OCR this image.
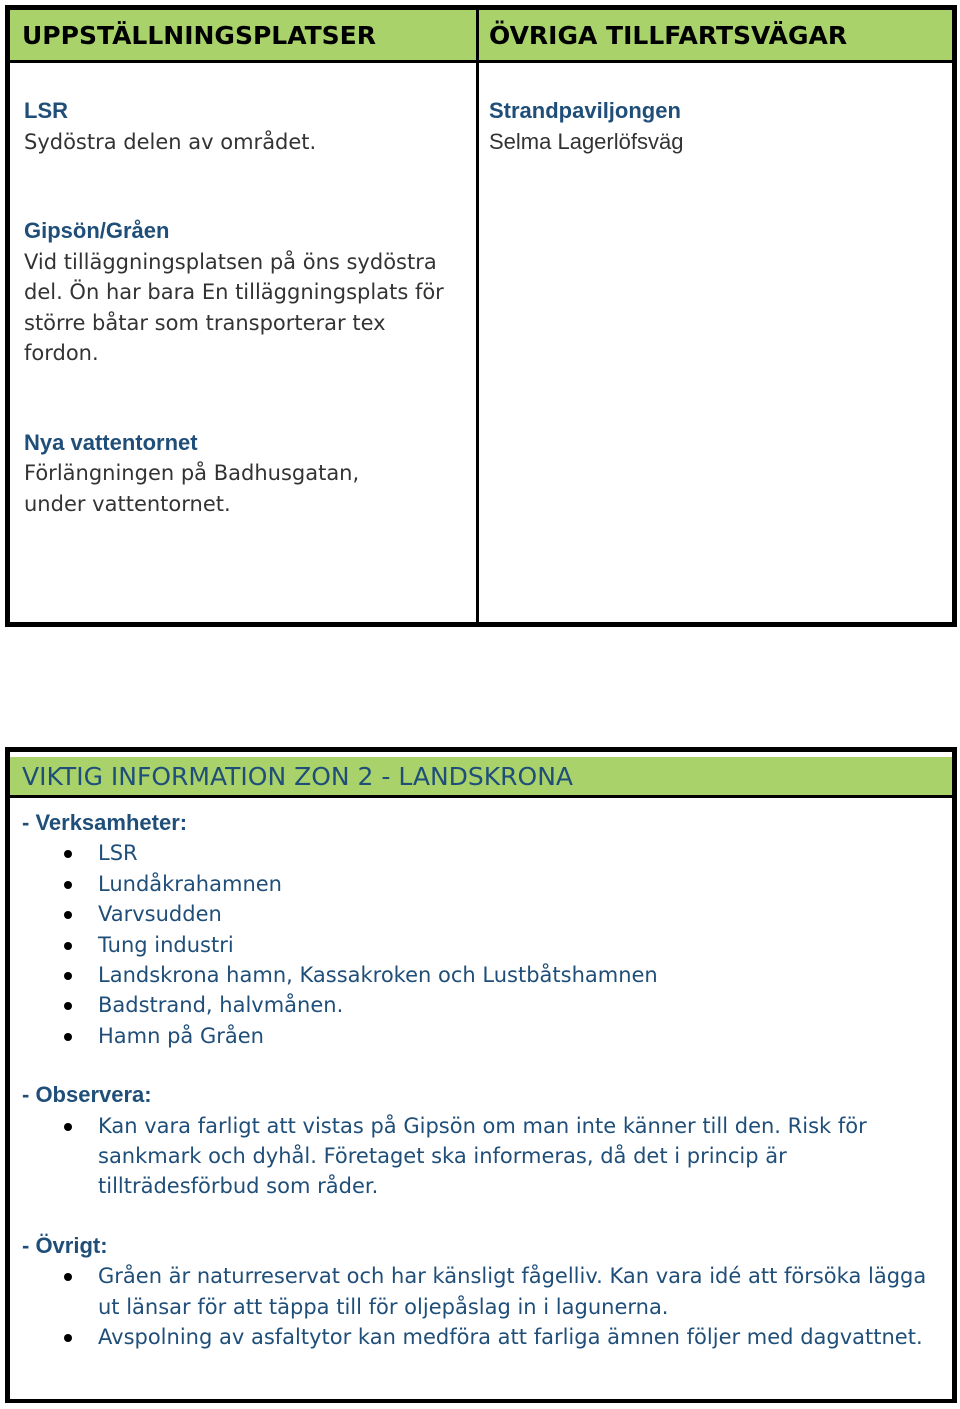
UPPSTÄLLNINGSPLATSER	ÖVRIGA TILLFARTSVÄGAR
LSR
Sydöstra delen av området.
Gipsön/Gråen
Vid tilläggningsplatsen på öns sydöstra del. Ön har bara En tilläggningsplats för större båtar som transporterar tex fordon.
Nya vattentornet
Förlängningen på Badhusgatan, under vattentornet.
Strandpaviljongen
Selma Lagerlöfsväg
VIKTIG INFORMATION ZON 2 - LANDSKRONA
- Verksamheter:
LSR
Lundåkrahamnen
Varvsudden
Tung industri
Landskrona hamn, Kassakroken och Lustbåtshamnen
Badstrand, halvmånen.
Hamn på Gråen
- Observera:
Kan vara farligt att vistas på Gipsön om man inte känner till den. Risk för sankmark och dyhål. Företaget ska informeras, då det i princip är tillträdesförbud som råder.
- Övrigt:
Gråen är naturreservat och har känsligt fågelliv. Kan vara idé att försöka lägga ut länsar för att täppa till för oljepåslag in i lagunerna.
Avspolning av asfaltytor kan medföra att farliga ämnen följer med dagvattnet.
